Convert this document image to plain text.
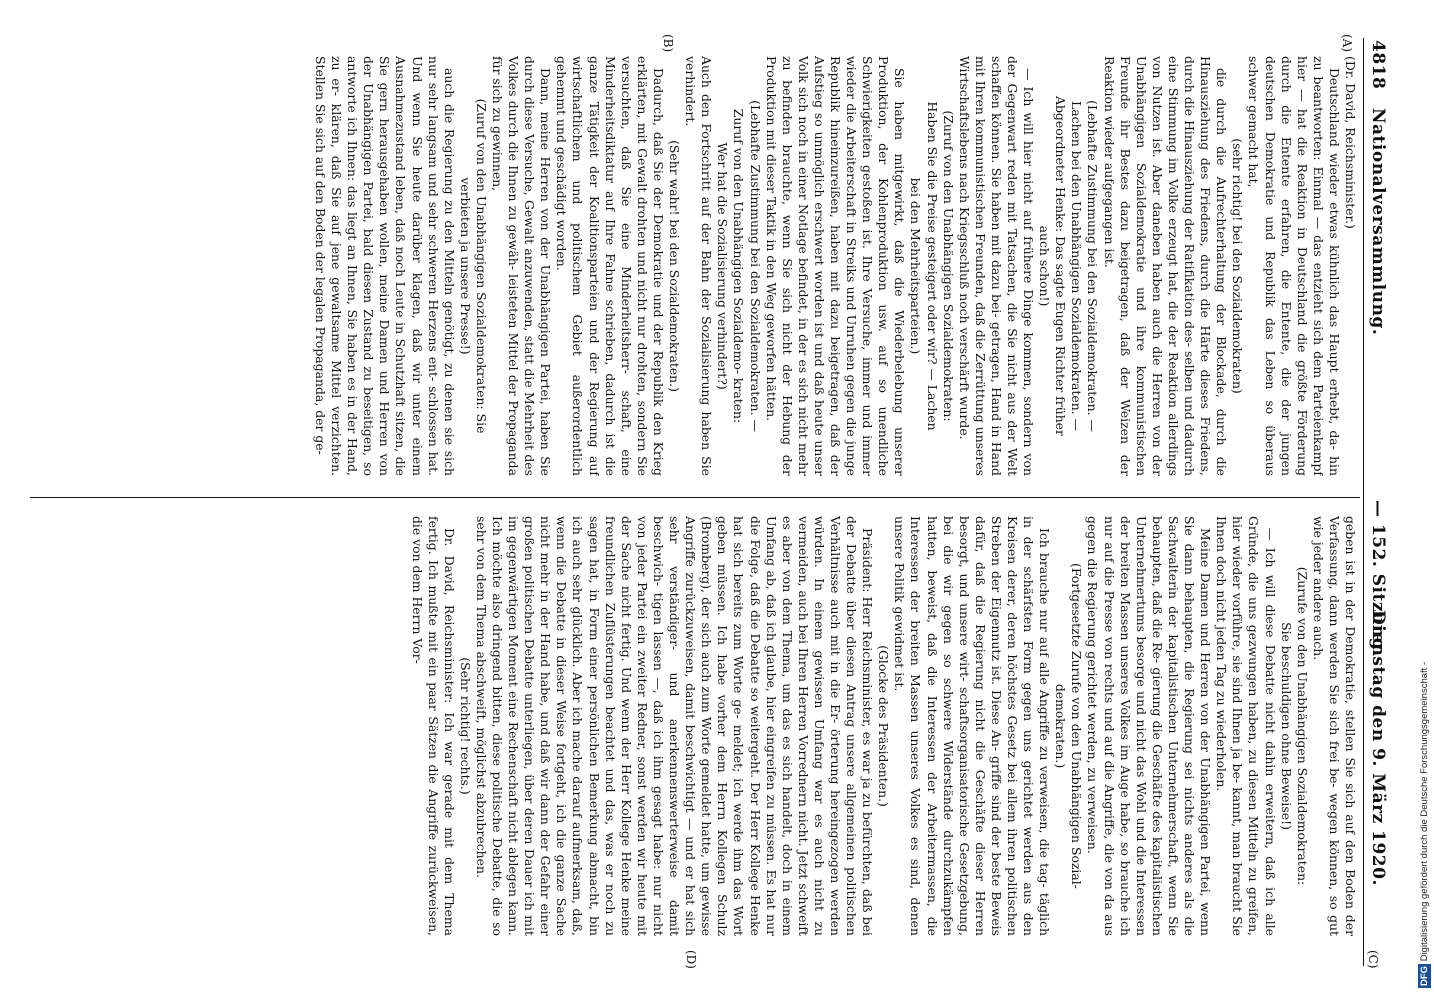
4818
Nationalversammlung.
— 152. Sitzung.
Dienstag den 9. März 1920.
(A)
(B)
(C)
(D)

(Dr. David, Reichsminister.)

Deutschland wieder etwas kühnlich das Haupt erhebt, da- hin zu beantworten: Einmal — das entzieht sich dem Parteienkampf hier — hat die Reaktion in Deutschland die größte Förderung durch die Entente erfahren, die Entente, die der jungen deutschen Demokratie und Republik das Leben so überaus schwer gemacht hat,

(sehr richtig! bei den Sozialdemokraten)

die durch die Aufrechterhaltung der Blockade, durch die Hinausziehung des Friedens, durch die Härte dieses Friedens, durch die Hinausziehung der Ratifikation des- selben und dadurch eine Stimmung im Volke erzeugt hat, die der Reaktion allerdings von Nutzen ist. Aber daneben haben auch die Herren von der Unabhängigen Sozialdemokratie und ihre kommunistischen Freunde ihr Bestes dazu beigetragen, daß der Weizen der Reaktion wieder aufgegangen ist.

(Lebhafte Zustimmung bei den Sozialdemokraten. — Lachen bei den Unabhängigen Sozialdemokraten. — Abgeordneter Henke: Das sagte Eugen Richter früher auch schon!)

— Ich will hier nicht auf frühere Dinge kommen, sondern von der Gegenwart reden mit Tatsachen, die Sie nicht aus der Welt schaffen können. Sie haben mit dazu bei- getragen, Hand in Hand mit Ihren kommunistischen Freunden, daß die Zerrüttung unseres Wirtschaftslebens nach Kriegsschluß noch verschärft wurde.

(Zuruf von den Unabhängigen Sozialdemokraten: Haben Sie die Preise gesteigert oder wir? — Lachen bei den Mehrheitsparteien.)

Sie haben mitgewirkt, daß die Wiederbelebung unserer Produktion, der Kohlenproduktion usw. auf so unendliche Schwierigkeiten gestoßen ist. Ihre Versuche, immer und immer wieder die Arbeiterschaft in Streiks und Unruhen gegen die junge Republik hineinzureißen, haben mit dazu beigetragen, daß der Aufstieg so unmöglich erschwert worden ist und daß heute unser Volk sich noch in einer Notlage befindet, in der es sich nicht mehr zu befinden brauchte, wenn Sie sich nicht der Hebung der Produktion mit dieser Taktik in den Weg geworfen hätten.

(Lebhafte Zustimmung bei den Sozialdemokraten. — Zuruf von den Unabhängigen Sozialdemo- kraten: Wer hat die Sozialisierung verhindert?)

Auch den Fortschritt auf der Bahn der Sozialisierung haben Sie verhindert.

(Sehr wahr! bei den Sozialdemokraten.)

Dadurch, daß Sie der Demokratie und der Republik den Krieg erklärten, mit Gewalt drohten und nicht nur drohten, sondern Sie versuchten, daß Sie eine Minderheitsherr- schaft, eine Minderheitsdiktatur auf Ihre Fahne schrieben, dadurch ist die ganze Tätigkeit der Koalitionsparteien und der Regierung auf wirtschaftlichem und politischem Gebiet außerordentlich gehemmt und geschädigt worden.

Dann, meine Herren von der Unabhängigen Partei, haben Sie durch diese Versuche, Gewalt anzuwenden, statt die Mehrheit des Volkes durch die Ihnen zu gewäh- leisteten Mittel der Propaganda für sich zu gewinnen,

(Zuruf von den Unabhängigen Sozialdemokraten: Sie verbieten ja unsere Presse!)

auch die Regierung zu den Mitteln genötigt, zu denen sie sich nur sehr langsam und sehr schweren Herzens ent- schlossen hat. Und wenn Sie heute darüber klagen, daß wir unter einem Ausnahmezustand leben, daß noch Leute in Schutzhaft sitzen, die Sie gern herausgehaben wollen, meine Damen und Herren von der Unabhängigen Partei, bald diesen Zustand zu beseitigen, so antworte ich Ihnen: das liegt an Ihnen, Sie haben es in der Hand, zu er- klären, daß Sie auf jene gewaltsame Mittel verzichten. Stellen Sie sich auf den Boden der legalen Propaganda, der ge-

geben ist in der Demokratie, stellen Sie sich auf den Boden der Verfassung, dann werden Sie sich frei be- wegen können, so gut wie jeder andere auch.

(Zurufe von den Unabhängigen Sozialdemokraten: Sie beschuldigen ohne Beweise!)

— Ich will diese Debatte nicht dahin erweitern, daß ich alle Gründe, die uns gezwungen haben, zu diesen Mitteln zu greifen, hier wieder vorführe, sie sind Ihnen ja be- kannt, man braucht Sie Ihnen doch nicht jeden Tag zu wiederholen.

Meine Damen und Herren von der Unabhängigen Partei, wenn Sie dann behaupten, die Regierung sei nichts anderes als die Sachwalterin der kapitalistischen Unternehmerschaft, wenn Sie behaupten, daß die Re- gierung die Geschäfte des kapitalistischen Unternehmertums besorge und nicht das Wohl und die Interessen der breiten Massen unseres Volkes im Auge habe, so brauche ich nur auf die Presse von rechts und auf die Angriffe, die von da aus gegen die Regierung gerichtet werden, zu verweisen.

(Fortgesetzte Zurufe von den Unabhängigen Sozial- demokraten.)

Ich brauche nur auf alle Angriffe zu verweisen, die tag- täglich in der schärfsten Form gegen uns gerichtet werden aus den Kreisen derer, deren höchstes Gesetz bei allem ihren politischen Streben der Eigennutz ist. Diese An- griffe sind der beste Beweis dafür, daß die Regierung nicht die Geschäfte dieser Herren besorgt, und unsere wirt- schaftsorganisatorische Gesetzgebung, bei die wir gegen so schwere Widerstände durchzukämpfen hatten, beweist, daß die Interessen der Arbeitermassen, die Interessen der breiten Massen unseres Volkes es sind, denen unsere Politik gewidmet ist.

(Glocke des Präsidenten.)

Präsident: Herr Reichsminister, es war ja zu befürchten, daß bei der Debatte über diesen Antrag unsere allgemeinen politischen Verhältnisse auch mit in die Er- örterung hereingezogen werden würden. In einem gewissen Umfang war es auch nicht zu vermeiden, auch bei Ihren Herren Vorrednern nicht. Jetzt schweift es aber von dem Thema, um das es sich handelt, doch in einem Umfang ab, daß ich glaube, hier eingreifen zu müssen. Es hat nur die Folge, daß die Debatte so weitergeht. Der Herr Kollege Henke hat sich bereits zum Worte ge- meldet; ich werde ihm das Wort geben müssen. Ich habe vorher dem Herrn Kollegen Schulz (Bromberg), der sich auch zum Worte gemeldet hatte, um gewisse Angriffe zurückzuweisen, damit beschwichtigt — und er hat sich sehr verständiger- und anerkennenswerterweise damit beschwich- tigen lassen —, daß ich ihm gesagt habe: nur nicht von jeder Partei ein zweiter Redner, sonst werden wir heute mit der Sache nicht fertig. Und wenn der Herr Kollege Henke meine freundlichen Zuflüsterungen beachtet und das, was er noch zu sagen hat, in Form einer persönlichen Bemerkung abmacht, bin ich auch sehr glücklich. Aber ich mache darauf aufmerksam, daß, wenn die Debatte in dieser Weise fortgeht, ich die ganze Sache nicht mehr in der Hand habe, und daß wir dann der Gefahr einer großen politischen Debatte unterliegen, über deren Dauer ich mit im gegenwärtigen Moment eine Rechenschaft nicht ablegen kann. Ich möchte also dringend bitten, diese politische Debatte, die so sehr von dem Thema abschweift, möglichst abzubrechen.

(Sehr richtig! rechts.)

Dr. David, Reichsminister: Ich war gerade mit dem Thema fertig. Ich mußte mit ein paar Sätzen die Angriffe zurückweisen, die von dem Herrn Vor-

DFG Digitalisierung gefördert durch die Deutsche Forschungsgemeinschaft -
